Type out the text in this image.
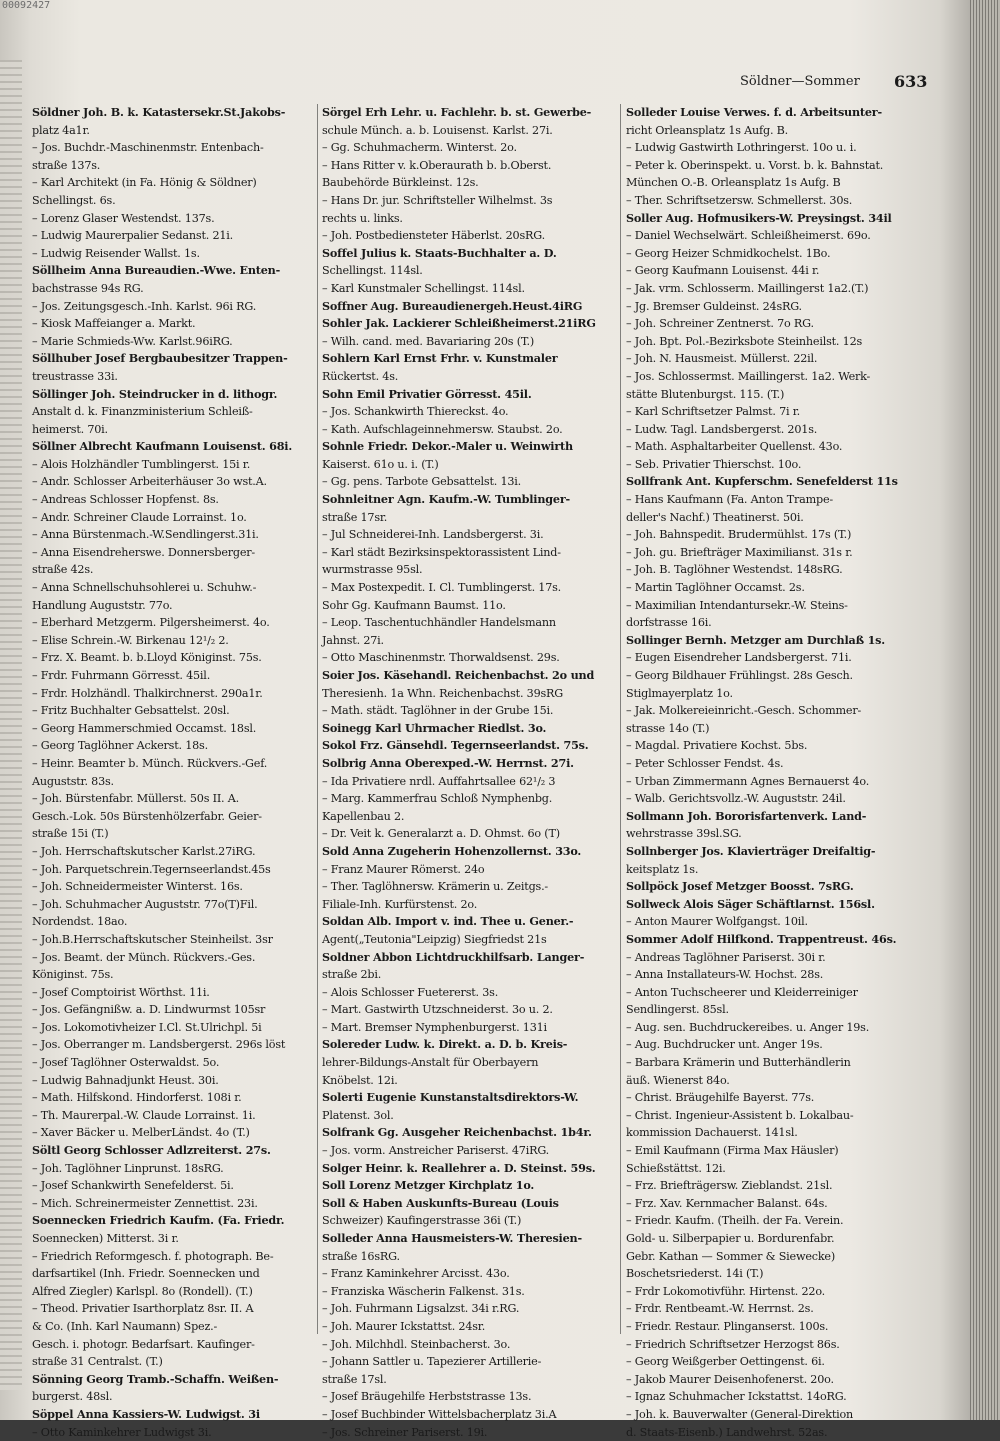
00092427
Söldner—Sommer 633
Söldner Joh. B. k. Katastersekr.St.Jakobs-
platz 4a1r.
– Jos. Buchdr.-Maschinenmstr. Entenbach-
straße 137s.
– Karl Architekt (in Fa. Hönig & Söldner)
Schellingst. 6s.
– Lorenz Glaser Westendst. 137s.
– Ludwig Maurerpalier Sedanst. 21i.
– Ludwig Reisender Wallst. 1s.
Söllheim Anna Bureaudien.-Wwe. Enten-
bachstrasse 94s RG.
– Jos. Zeitungsgesch.-Inh. Karlst. 96i RG.
– Kiosk Maffeianger a. Markt.
– Marie Schmieds-Ww. Karlst.96iRG.
Söllhuber Josef Bergbaubesitzer Trappen-
treustrasse 33i.
Söllinger Joh. Steindrucker in d. lithogr.
Anstalt d. k. Finanzministerium Schleiß-
heimerst. 70i.
Söllner Albrecht Kaufmann Louisenst. 68i.
– Alois Holzhändler Tumblingerst. 15i r.
– Andr. Schlosser Arbeiterhäuser 3o wst.A.
– Andreas Schlosser Hopfenst. 8s.
– Andr. Schreiner Claude Lorrainst. 1o.
– Anna Bürstenmach.-W.Sendlingerst.31i.
– Anna Eisendreherswe. Donnersberger-
straße 42s.
– Anna Schnellschuhsohlerei u. Schuhw.-
Handlung Auguststr. 77o.
– Eberhard Metzgerm. Pilgersheimerst. 4o.
– Elise Schrein.-W. Birkenau 12¹/₂ 2.
– Frz. X. Beamt. b. b.Lloyd Königinst. 75s.
– Frdr. Fuhrmann Görresst. 45il.
– Frdr. Holzhändl. Thalkirchnerst. 290a1r.
– Fritz Buchhalter Gebsattelst. 20sl.
– Georg Hammerschmied Occamst. 18sl.
– Georg Taglöhner Ackerst. 18s.
– Heinr. Beamter b. Münch. Rückvers.-Gef.
Auguststr. 83s.
– Joh. Bürstenfabr. Müllerst. 50s II. A.
Gesch.-Lok. 50s Bürstenhölzerfabr. Geier-
straße 15i (T.)
– Joh. Herrschaftskutscher Karlst.27iRG.
– Joh. Parquetschrein.Tegernseerlandst.45s
– Joh. Schneidermeister Winterst. 16s.
– Joh. Schuhmacher Auguststr. 77o(T)Fil.
Nordendst. 18ao.
– Joh.B.Herrschaftskutscher Steinheilst. 3sr
– Jos. Beamt. der Münch. Rückvers.-Ges.
Königinst. 75s.
– Josef Comptoirist Wörthst. 11i.
– Jos. Gefängnißw. a. D. Lindwurmst 105sr
– Jos. Lokomotivheizer I.Cl. St.Ulrichpl. 5i
– Jos. Oberranger m. Landsbergerst. 296s löst
– Josef Taglöhner Osterwaldst. 5o.
– Ludwig Bahnadjunkt Heust. 30i.
– Math. Hilfskond. Hindorferst. 108i r.
– Th. Maurerpal.-W. Claude Lorrainst. 1i.
– Xaver Bäcker u. MelberLändst. 4o (T.)
Söltl Georg Schlosser Adlzreiterst. 27s.
– Joh. Taglöhner Linprunst. 18sRG.
– Josef Schankwirth Senefelderst. 5i.
– Mich. Schreinermeister Zennettist. 23i.
Soennecken Friedrich Kaufm. (Fa. Friedr.
Soennecken) Mitterst. 3i r.
– Friedrich Reformgesch. f. photograph. Be-
darfsartikel (Inh. Friedr. Soennecken und
Alfred Ziegler) Karlspl. 8o (Rondell). (T.)
– Theod. Privatier Isarthorplatz 8sr. II. A
& Co. (Inh. Karl Naumann) Spez.-
Gesch. i. photogr. Bedarfsart. Kaufinger-
straße 31 Centralst. (T.)
Sönning Georg Tramb.-Schaffn. Weißen-
burgerst. 48sl.
Söppel Anna Kassiers-W. Ludwigst. 3i
– Otto Kaminkehrer Ludwigst 3i.
Sörgel Erh Lehr. u. Fachlehr. b. st. Gewerbe-
schule Münch. a. b. Louisenst. Karlst. 27i.
– Gg. Schuhmacherm. Winterst. 2o.
– Hans Ritter v. k.Oberaurath b. b.Oberst.
Baubehörde Bürkleinst. 12s.
– Hans Dr. jur. Schriftsteller Wilhelmst. 3s
rechts u. links.
– Joh. Postbediensteter Häberlst. 20sRG.
Soffel Julius k. Staats-Buchhalter a. D.
Schellingst. 114sl.
– Karl Kunstmaler Schellingst. 114sl.
Soffner Aug. Bureaudienergeh.Heust.4iRG
Sohler Jak. Lackierer Schleißheimerst.21iRG
– Wilh. cand. med. Bavariaring 20s (T.)
Sohlern Karl Ernst Frhr. v. Kunstmaler
Rückertst. 4s.
Sohn Emil Privatier Görresst. 45il.
– Jos. Schankwirth Thiereckst. 4o.
– Kath. Aufschlageinnehmersw. Staubst. 2o.
Sohnle Friedr. Dekor.-Maler u. Weinwirth
Kaiserst. 61o u. i. (T.)
– Gg. pens. Tarbote Gebsattelst. 13i.
Sohnleitner Agn. Kaufm.-W. Tumblinger-
straße 17sr.
– Jul Schneiderei-Inh. Landsbergerst. 3i.
– Karl städt Bezirksinspektorassistent Lind-
wurmstrasse 95sl.
– Max Postexpedit. I. Cl. Tumblingerst. 17s.
Sohr Gg. Kaufmann Baumst. 11o.
– Leop. Taschentuchhändler Handelsmann
Jahnst. 27i.
– Otto Maschinenmstr. Thorwaldsenst. 29s.
Soier Jos. Käsehandl. Reichenbachst. 2o und
Theresienh. 1a Whn. Reichenbachst. 39sRG
– Math. städt. Taglöhner in der Grube 15i.
Soinegg Karl Uhrmacher Riedlst. 3o.
Sokol Frz. Gänsehdl. Tegernseerlandst. 75s.
Solbrig Anna Oberexped.-W. Herrnst. 27i.
– Ida Privatiere nrdl. Auffahrtsallee 62¹/₂ 3
– Marg. Kammerfrau Schloß Nymphenbg.
Kapellenbau 2.
– Dr. Veit k. Generalarzt a. D. Ohmst. 6o (T)
Sold Anna Zugeherin Hohenzollernst. 33o.
– Franz Maurer Römerst. 24o
– Ther. Taglöhnersw. Krämerin u. Zeitgs.-
Filiale-Inh. Kurfürstenst. 2o.
Soldan Alb. Import v. ind. Thee u. Gener.-
Agent(„Teutonia"Leipzig) Siegfriedst 21s
Soldner Abbon Lichtdruckhilfsarb. Langer-
straße 2bi.
– Alois Schlosser Fuetererst. 3s.
– Mart. Gastwirth Utzschneiderst. 3o u. 2.
– Mart. Bremser Nymphenburgerst. 131i
Solereder Ludw. k. Direkt. a. D. b. Kreis-
lehrer-Bildungs-Anstalt für Oberbayern
Knöbelst. 12i.
Solerti Eugenie Kunstanstaltsdirektors-W.
Platenst. 3ol.
Solfrank Gg. Ausgeher Reichenbachst. 1b4r.
– Jos. vorm. Anstreicher Pariserst. 47iRG.
Solger Heinr. k. Reallehrer a. D. Steinst. 59s.
Soll Lorenz Metzger Kirchplatz 1o.
Soll & Haben Auskunfts-Bureau (Louis
Schweizer) Kaufingerstrasse 36i (T.)
Solleder Anna Hausmeisters-W. Theresien-
straße 16sRG.
– Franz Kaminkehrer Arcisst. 43o.
– Franziska Wäscherin Falkenst. 31s.
– Joh. Fuhrmann Ligsalzst. 34i r.RG.
– Joh. Maurer Ickstattst. 24sr.
– Joh. Milchhdl. Steinbacherst. 3o.
– Johann Sattler u. Tapezierer Artillerie-
straße 17sl.
– Josef Bräugehilfe Herbststrasse 13s.
– Josef Buchbinder Wittelsbacherplatz 3i.A
– Jos. Schreiner Pariserst. 19i.
Solleder Louise Verwes. f. d. Arbeitsunter-
richt Orleansplatz 1s Aufg. B.
– Ludwig Gastwirth Lothringerst. 10o u. i.
– Peter k. Oberinspekt. u. Vorst. b. k. Bahnstat.
München O.-B. Orleansplatz 1s Aufg. B
– Ther. Schriftsetzersw. Schmellerst. 30s.
Soller Aug. Hofmusikers-W. Preysingst. 34il
– Daniel Wechselwärt. Schleißheimerst. 69o.
– Georg Heizer Schmidkochelst. 1Bo.
– Georg Kaufmann Louisenst. 44i r.
– Jak. vrm. Schlosserm. Maillingerst 1a2.(T.)
– Jg. Bremser Guldeinst. 24sRG.
– Joh. Schreiner Zentnerst. 7o RG.
– Joh. Bpt. Pol.-Bezirksbote Steinheilst. 12s
– Joh. N. Hausmeist. Müllerst. 22il.
– Jos. Schlossermst. Maillingerst. 1a2. Werk-
stätte Blutenburgst. 115. (T.)
– Karl Schriftsetzer Palmst. 7i r.
– Ludw. Tagl. Landsbergerst. 201s.
– Math. Asphaltarbeiter Quellenst. 43o.
– Seb. Privatier Thierschst. 10o.
Sollfrank Ant. Kupferschm. Senefelderst 11s
– Hans Kaufmann (Fa. Anton Trampe-
deller's Nachf.) Theatinerst. 50i.
– Joh. Bahnspedit. Brudermühlst. 17s (T.)
– Joh. gu. Briefträger Maximilianst. 31s r.
– Joh. B. Taglöhner Westendst. 148sRG.
– Martin Taglöhner Occamst. 2s.
– Maximilian Intendantursekr.-W. Steins-
dorfstrasse 16i.
Sollinger Bernh. Metzger am Durchlaß 1s.
– Eugen Eisendreher Landsbergerst. 71i.
– Georg Bildhauer Frühlingst. 28s Gesch.
Stiglmayerplatz 1o.
– Jak. Molkereieinricht.-Gesch. Schommer-
strasse 14o (T.)
– Magdal. Privatiere Kochst. 5bs.
– Peter Schlosser Fendst. 4s.
– Urban Zimmermann Agnes Bernauerst 4o.
– Walb. Gerichtsvollz.-W. Auguststr. 24il.
Sollmann Joh. Bororisfartenverk. Land-
wehrstrasse 39sl.SG.
Sollnberger Jos. Klavierträger Dreifaltig-
keitsplatz 1s.
Sollpöck Josef Metzger Boosst. 7sRG.
Sollweck Alois Säger Schäftlarnst. 156sl.
– Anton Maurer Wolfgangst. 10il.
Sommer Adolf Hilfkond. Trappentreust. 46s.
– Andreas Taglöhner Pariserst. 30i r.
– Anna Installateurs-W. Hochst. 28s.
– Anton Tuchscheerer und Kleiderreiniger
Sendlingerst. 85sl.
– Aug. sen. Buchdruckereibes. u. Anger 19s.
– Aug. Buchdrucker unt. Anger 19s.
– Barbara Krämerin und Butterhändlerin
äuß. Wienerst 84o.
– Christ. Bräugehilfe Bayerst. 77s.
– Christ. Ingenieur-Assistent b. Lokalbau-
kommission Dachauerst. 141sl.
– Emil Kaufmann (Firma Max Häusler)
Schießstättst. 12i.
– Frz. Briefträgersw. Zieblandst. 21sl.
– Frz. Xav. Kernmacher Balanst. 64s.
– Friedr. Kaufm. (Theilh. der Fa. Verein.
Gold- u. Silberpapier u. Bordurenfabr.
Gebr. Kathan — Sommer & Siewecke)
Boschetsriederst. 14i (T.)
– Frdr Lokomotivführ. Hirtenst. 22o.
– Frdr. Rentbeamt.-W. Herrnst. 2s.
– Friedr. Restaur. Plinganserst. 100s.
– Friedrich Schriftsetzer Herzogst 86s.
– Georg Weißgerber Oettingenst. 6i.
– Jakob Maurer Deisenhofenerst. 20o.
– Ignaz Schuhmacher Ickstattst. 14oRG.
– Joh. k. Bauverwalter (General-Direktion
d. Staats-Eisenb.) Landwehrst. 52as.
